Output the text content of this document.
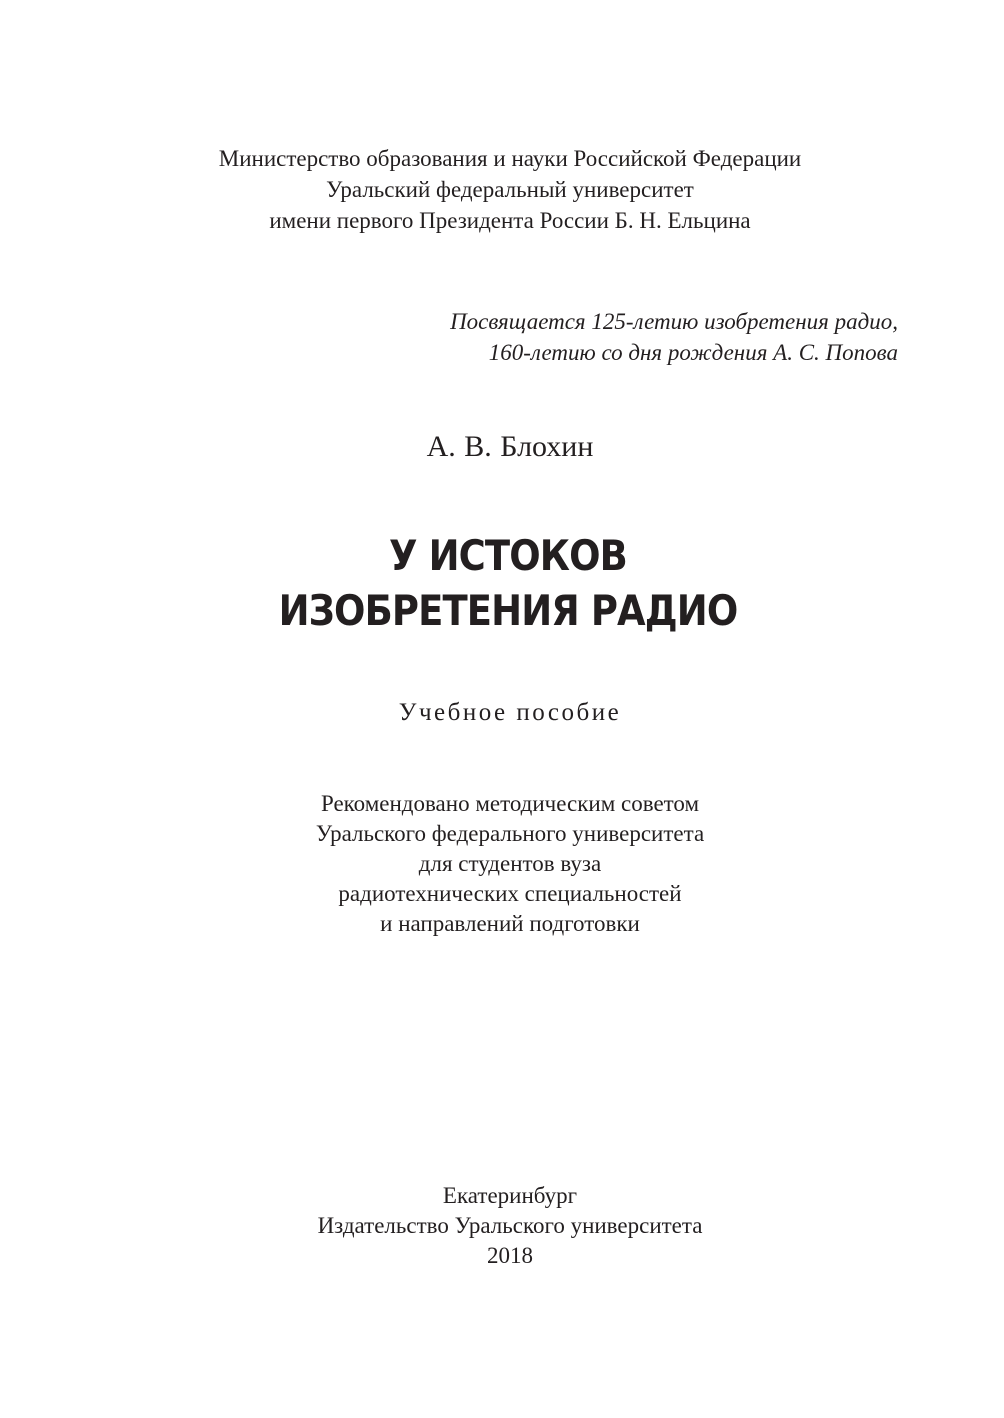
Министерство образования и науки Российской Федерации
Уральский федеральный университет
имени первого Президента России Б. Н. Ельцина
Посвящается 125-летию изобретения радио,
160-летию со дня рождения А. С. Попова
А. В. Блохин
У ИСТОКОВ
ИЗОБРЕТЕНИЯ РАДИО
Учебное пособие
Рекомендовано методическим советом
Уральского федерального университета
для студентов вуза
радиотехнических специальностей
и направлений подготовки
Екатеринбург
Издательство Уральского университета
2018
